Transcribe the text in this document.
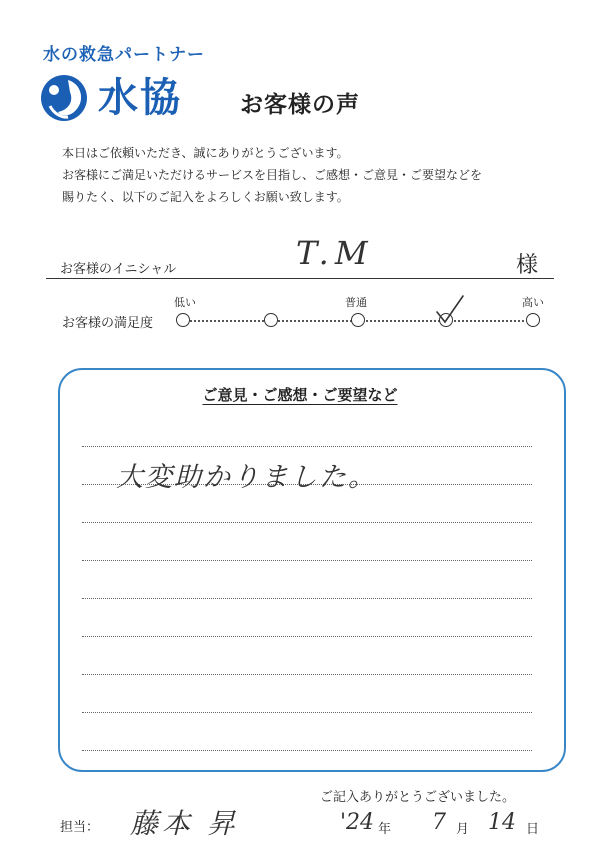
水の救急パートナー
水協	お客様の声
本日はご依頼いただき、誠にありがとうございます。
お客様にご満足いただけるサービスを目指し、ご感想・ご意見・ご要望などを
賜りたく、以下のご記入をよろしくお願い致します。
お客様のイニシャル	T.M	様
低い	普通	高い
お客様の満足度
ご意見・ご感想・ご要望など
大変助かりました。
ご記入ありがとうございました。
担当： 藤本 昇	'24 年 7 月 14 日
